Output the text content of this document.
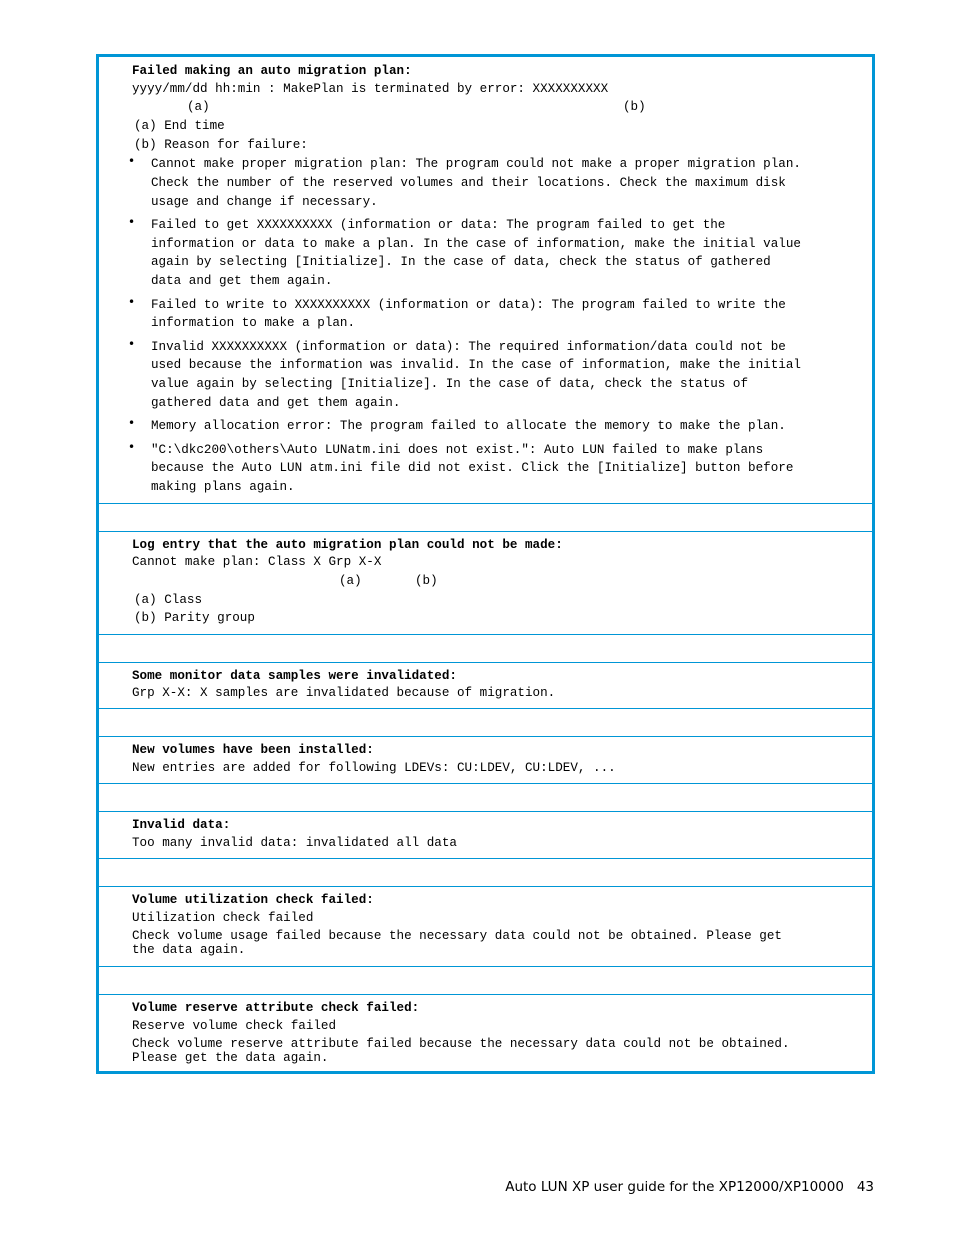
Failed making an auto migration plan:
yyyy/mm/dd hh:min : MakePlan is terminated by error: XXXXXXXXXX
(a)	(b)
(a) End time
(b) Reason for failure:
• Cannot make proper migration plan: The program could not make a proper migration plan.
Check the number of the reserved volumes and their locations. Check the maximum disk
usage and change if necessary.
• Failed to get XXXXXXXXXX (information or data: The program failed to get the
information or data to make a plan. In the case of information, make the initial value
again by selecting [Initialize]. In the case of data, check the status of gathered
data and get them again.
• Failed to write to XXXXXXXXXX (information or data): The program failed to write the
information to make a plan.
• Invalid XXXXXXXXXX (information or data): The required information/data could not be
used because the information was invalid. In the case of information, make the initial
value again by selecting [Initialize]. In the case of data, check the status of
gathered data and get them again.
• Memory allocation error: The program failed to allocate the memory to make the plan.
• "C:\dkc200\others\Auto LUNatm.ini does not exist.": Auto LUN failed to make plans
because the Auto LUN atm.ini file did not exist. Click the [Initialize] button before
making plans again.
Log entry that the auto migration plan could not be made:
Cannot make plan: Class X Grp X-X
(a)	(b)
(a) Class
(b) Parity group
Some monitor data samples were invalidated:
Grp X-X: X samples are invalidated because of migration.
New volumes have been installed:
New entries are added for following LDEVs: CU:LDEV, CU:LDEV, ...
Invalid data:
Too many invalid data: invalidated all data
Volume utilization check failed:
Utilization check failed
Check volume usage failed because the necessary data could not be obtained. Please get
the data again.
Volume reserve attribute check failed:
Reserve volume check failed
Check volume reserve attribute failed because the necessary data could not be obtained.
Please get the data again.
Auto LUN XP user guide for the XP12000/XP10000 43
